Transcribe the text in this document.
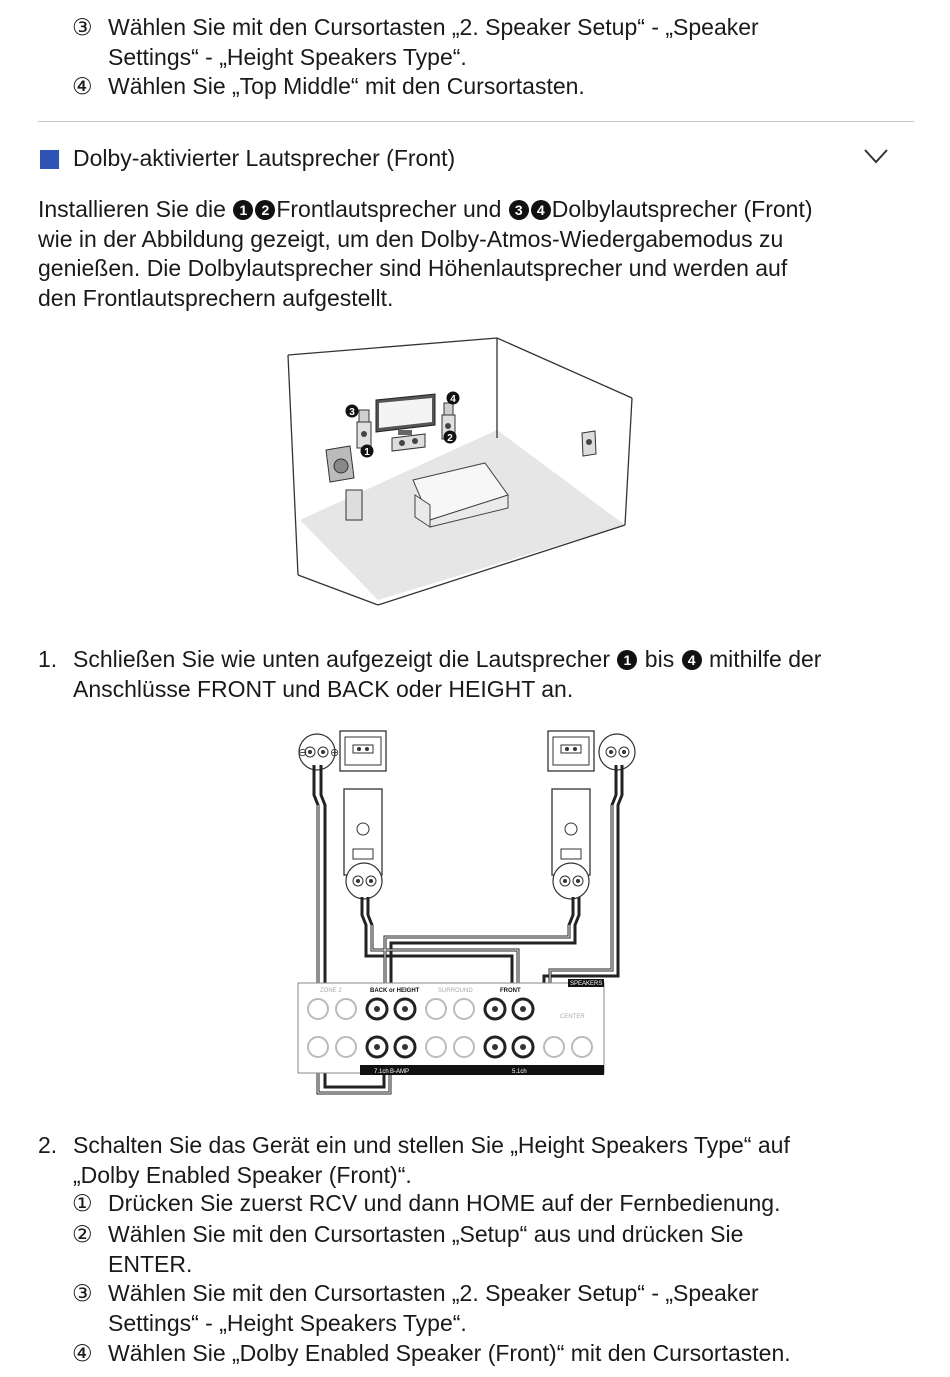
③ Wählen Sie mit den Cursortasten „2. Speaker Setup“ - „Speaker
Settings“ - „Height Speakers Type“.
④ Wählen Sie „Top Middle“ mit den Cursortasten.
Dolby-aktivierter Lautsprecher (Front)
Installieren Sie die 1 2 Frontlautsprecher und 3 4 Dolbylautsprecher (Front)
wie in der Abbildung gezeigt, um den Dolby-Atmos-Wiedergabemodus zu
genießen. Die Dolbylautsprecher sind Höhenlautsprecher und werden auf
den Frontlautsprechern aufgestellt.
3
1
4
2
1. Schließen Sie wie unten aufgezeigt die Lautsprecher 1 bis 4 mithilfe der
Anschlüsse FRONT und BACK oder HEIGHT an.
⊖ ⊕
SPEAKERS
ZONE 2	BACK or HEIGHT	SURROUND	FRONT
CENTER
7.1ch B-AMP	5.1ch
2. Schalten Sie das Gerät ein und stellen Sie „Height Speakers Type“ auf
„Dolby Enabled Speaker (Front)“.
① Drücken Sie zuerst RCV und dann HOME auf der Fernbedienung.
② Wählen Sie mit den Cursortasten „Setup“ aus und drücken Sie
ENTER.
③ Wählen Sie mit den Cursortasten „2. Speaker Setup“ - „Speaker
Settings“ - „Height Speakers Type“.
④ Wählen Sie „Dolby Enabled Speaker (Front)“ mit den Cursortasten.
